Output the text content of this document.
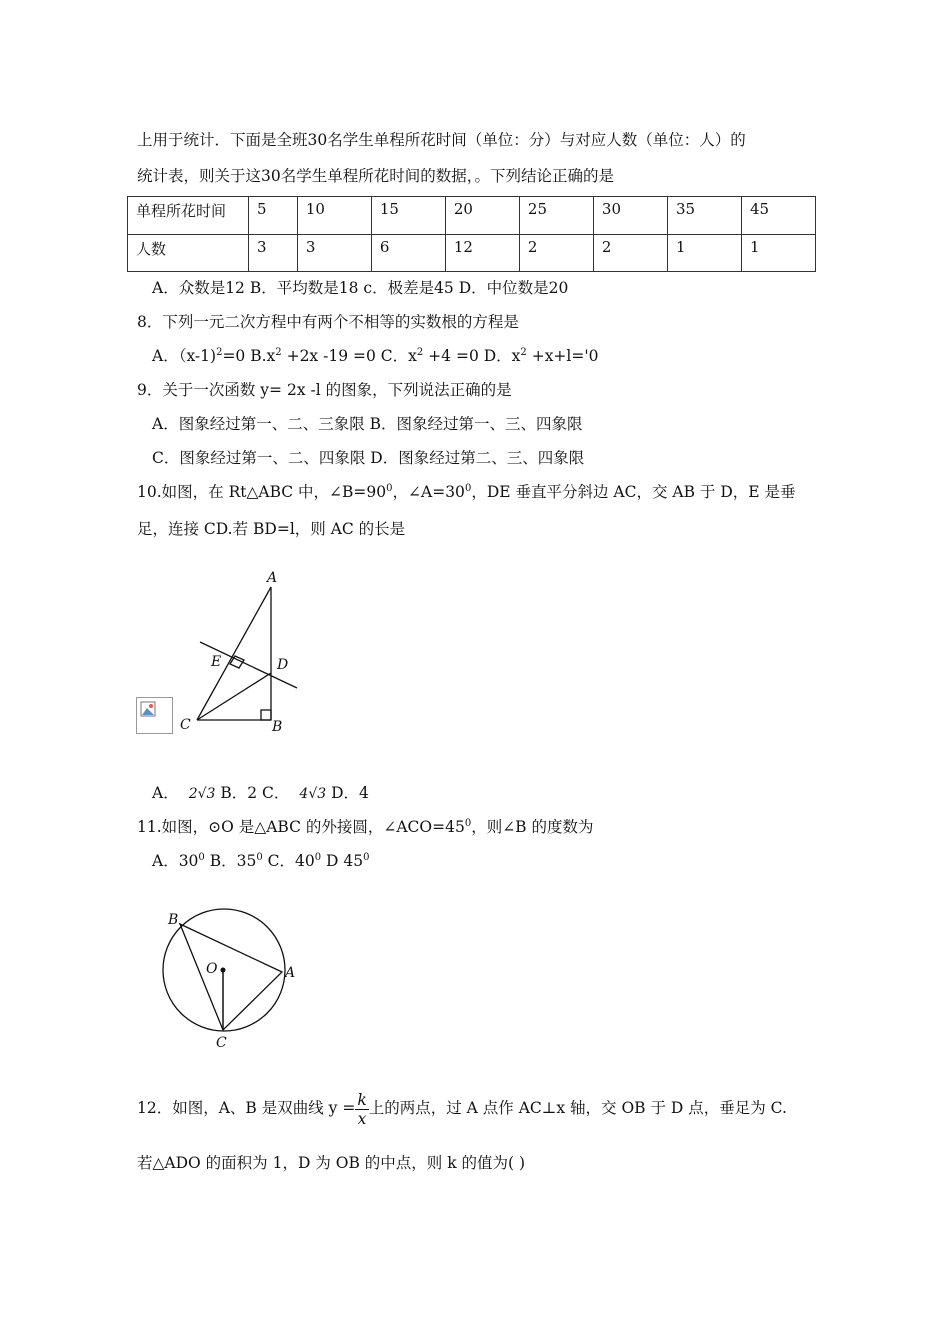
上用于统计．下面是全班30名学生单程所花时间（单位：分）与对应人数（单位：人）的
统计表，则关于这30名学生单程所花时间的数据，。下列结论正确的是
单程所花时间	5	10	15	20	25	30	35	45
人数	3	3	6	12	2	2	1	1
A．众数是12 B．平均数是18 c．极差是45 D．中位数是20
8．下列一元二次方程中有两个不相等的实数根的方程是
A．（x-1)$^2$=0 $B.x^2 +2x$ -19 =0 C．$x^2 +4 =0$ D．$x^2 +x+l='0$
9．关于一次函数 y= 2x -l 的图象，下列说法正确的是
A．图象经过第一、二、三象限 B．图象经过第一、三、四象限
C．图象经过第一、二、四象限 D．图象经过第二、三、四象限
10.如图，在 Rt△ABC 中，$\angle B=90^0$，$\angle A=30^0$，DE 垂直平分斜边 AC，交 AB 于 D，E 是垂
足，连接 CD.若 BD=l，则 AC 的长是
A
E	D
C	B
A． 2√3 B．2 C． 4√3 D．4
11.如图，⊙O 是△ABC 的外接圆，$\angle ACO=45^0$，则∠B 的度数为
A．$30^0$ B．$35^0$ C．$40^0$ D $45^0$
B
O	A
C
12．如图，A、B 是双曲线 $y = \frac{k}{x}$ 上的两点，过 A 点作 AC⊥x 轴，交 OB 于 D 点，垂足为 C.
若△ADO 的面积为 1，D 为 OB 的中点，则 k 的值为( )
